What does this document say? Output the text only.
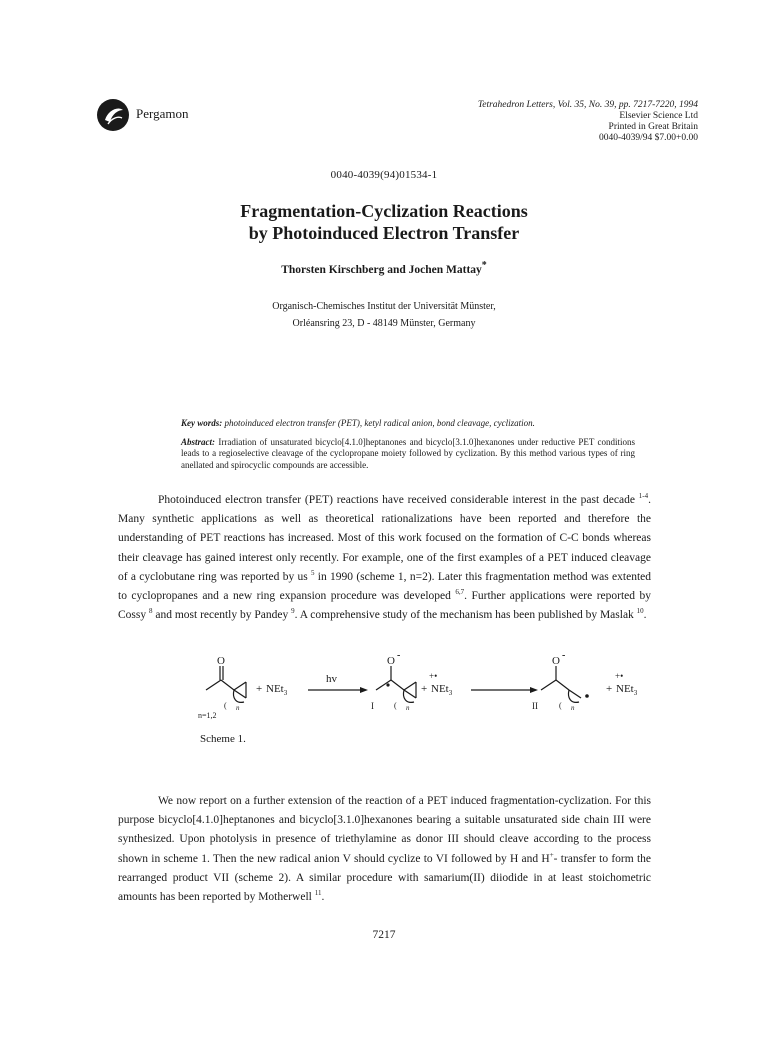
Pergamon
Tetrahedron Letters, Vol. 35, No. 39, pp. 7217-7220, 1994
Elsevier Science Ltd
Printed in Great Britain
0040-4039/94 $7.00+0.00
0040-4039(94)01534-1
Fragmentation-Cyclization Reactions
by Photoinduced Electron Transfer
Thorsten Kirschberg and Jochen Mattay*
Organisch-Chemisches Institut der Universität Münster,
Orléansring 23, D - 48149 Münster, Germany

Key words: photoinduced electron transfer (PET), ketyl radical anion, bond cleavage, cyclization.

Abstract: Irradiation of unsaturated bicyclo[4.1.0]heptanones and bicyclo[3.1.0]hexanones under reductive PET conditions leads to a regioselective cleavage of the cyclopropane moiety followed by cyclization. By this method various types of ring anellated and spirocyclic compounds are accessible.

Photoinduced electron transfer (PET) reactions have received considerable interest in the past decade $^{1-4}$. Many synthetic applications as well as theoretical rationalizations have been reported and therefore the understanding of PET reactions has increased. Most of this work focused on the formation of C-C bonds whereas their cleavage has gained interest only recently. For example, one of the first examples of a PET induced cleavage of a cyclobutane ring was reported by us $^5$ in 1990 (scheme 1, n=2). Later this fragmentation method was extented to cyclopropanes and a new ring expansion procedure was developed $^{6,7}$. Further applications were reported by Cossy $^8$ and most recently by Pandey $^9$. A comprehensive study of the mechanism has been published by Maslak $^{10}$.

O
( n
+ NEt$_3$
hv
O -
I	( n
+•
+ NEt$_3$
O -
II	( n
+•
+ NEt$_3$
n=1,2
Scheme 1.

We now report on a further extension of the reaction of a PET induced fragmentation-cyclization. For this purpose bicyclo[4.1.0]heptanones and bicyclo[3.1.0]hexanones bearing a suitable unsaturated side chain III were synthesized. Upon photolysis in presence of triethylamine as donor III should cleave according to the process shown in scheme 1. Then the new radical anion V should cyclize to VI followed by H and H+- transfer to form the rearranged product VII (scheme 2). A similar procedure with samarium(II) diiodide in at least stoichometric amounts has been reported by Motherwell $^{11}$.

7217
